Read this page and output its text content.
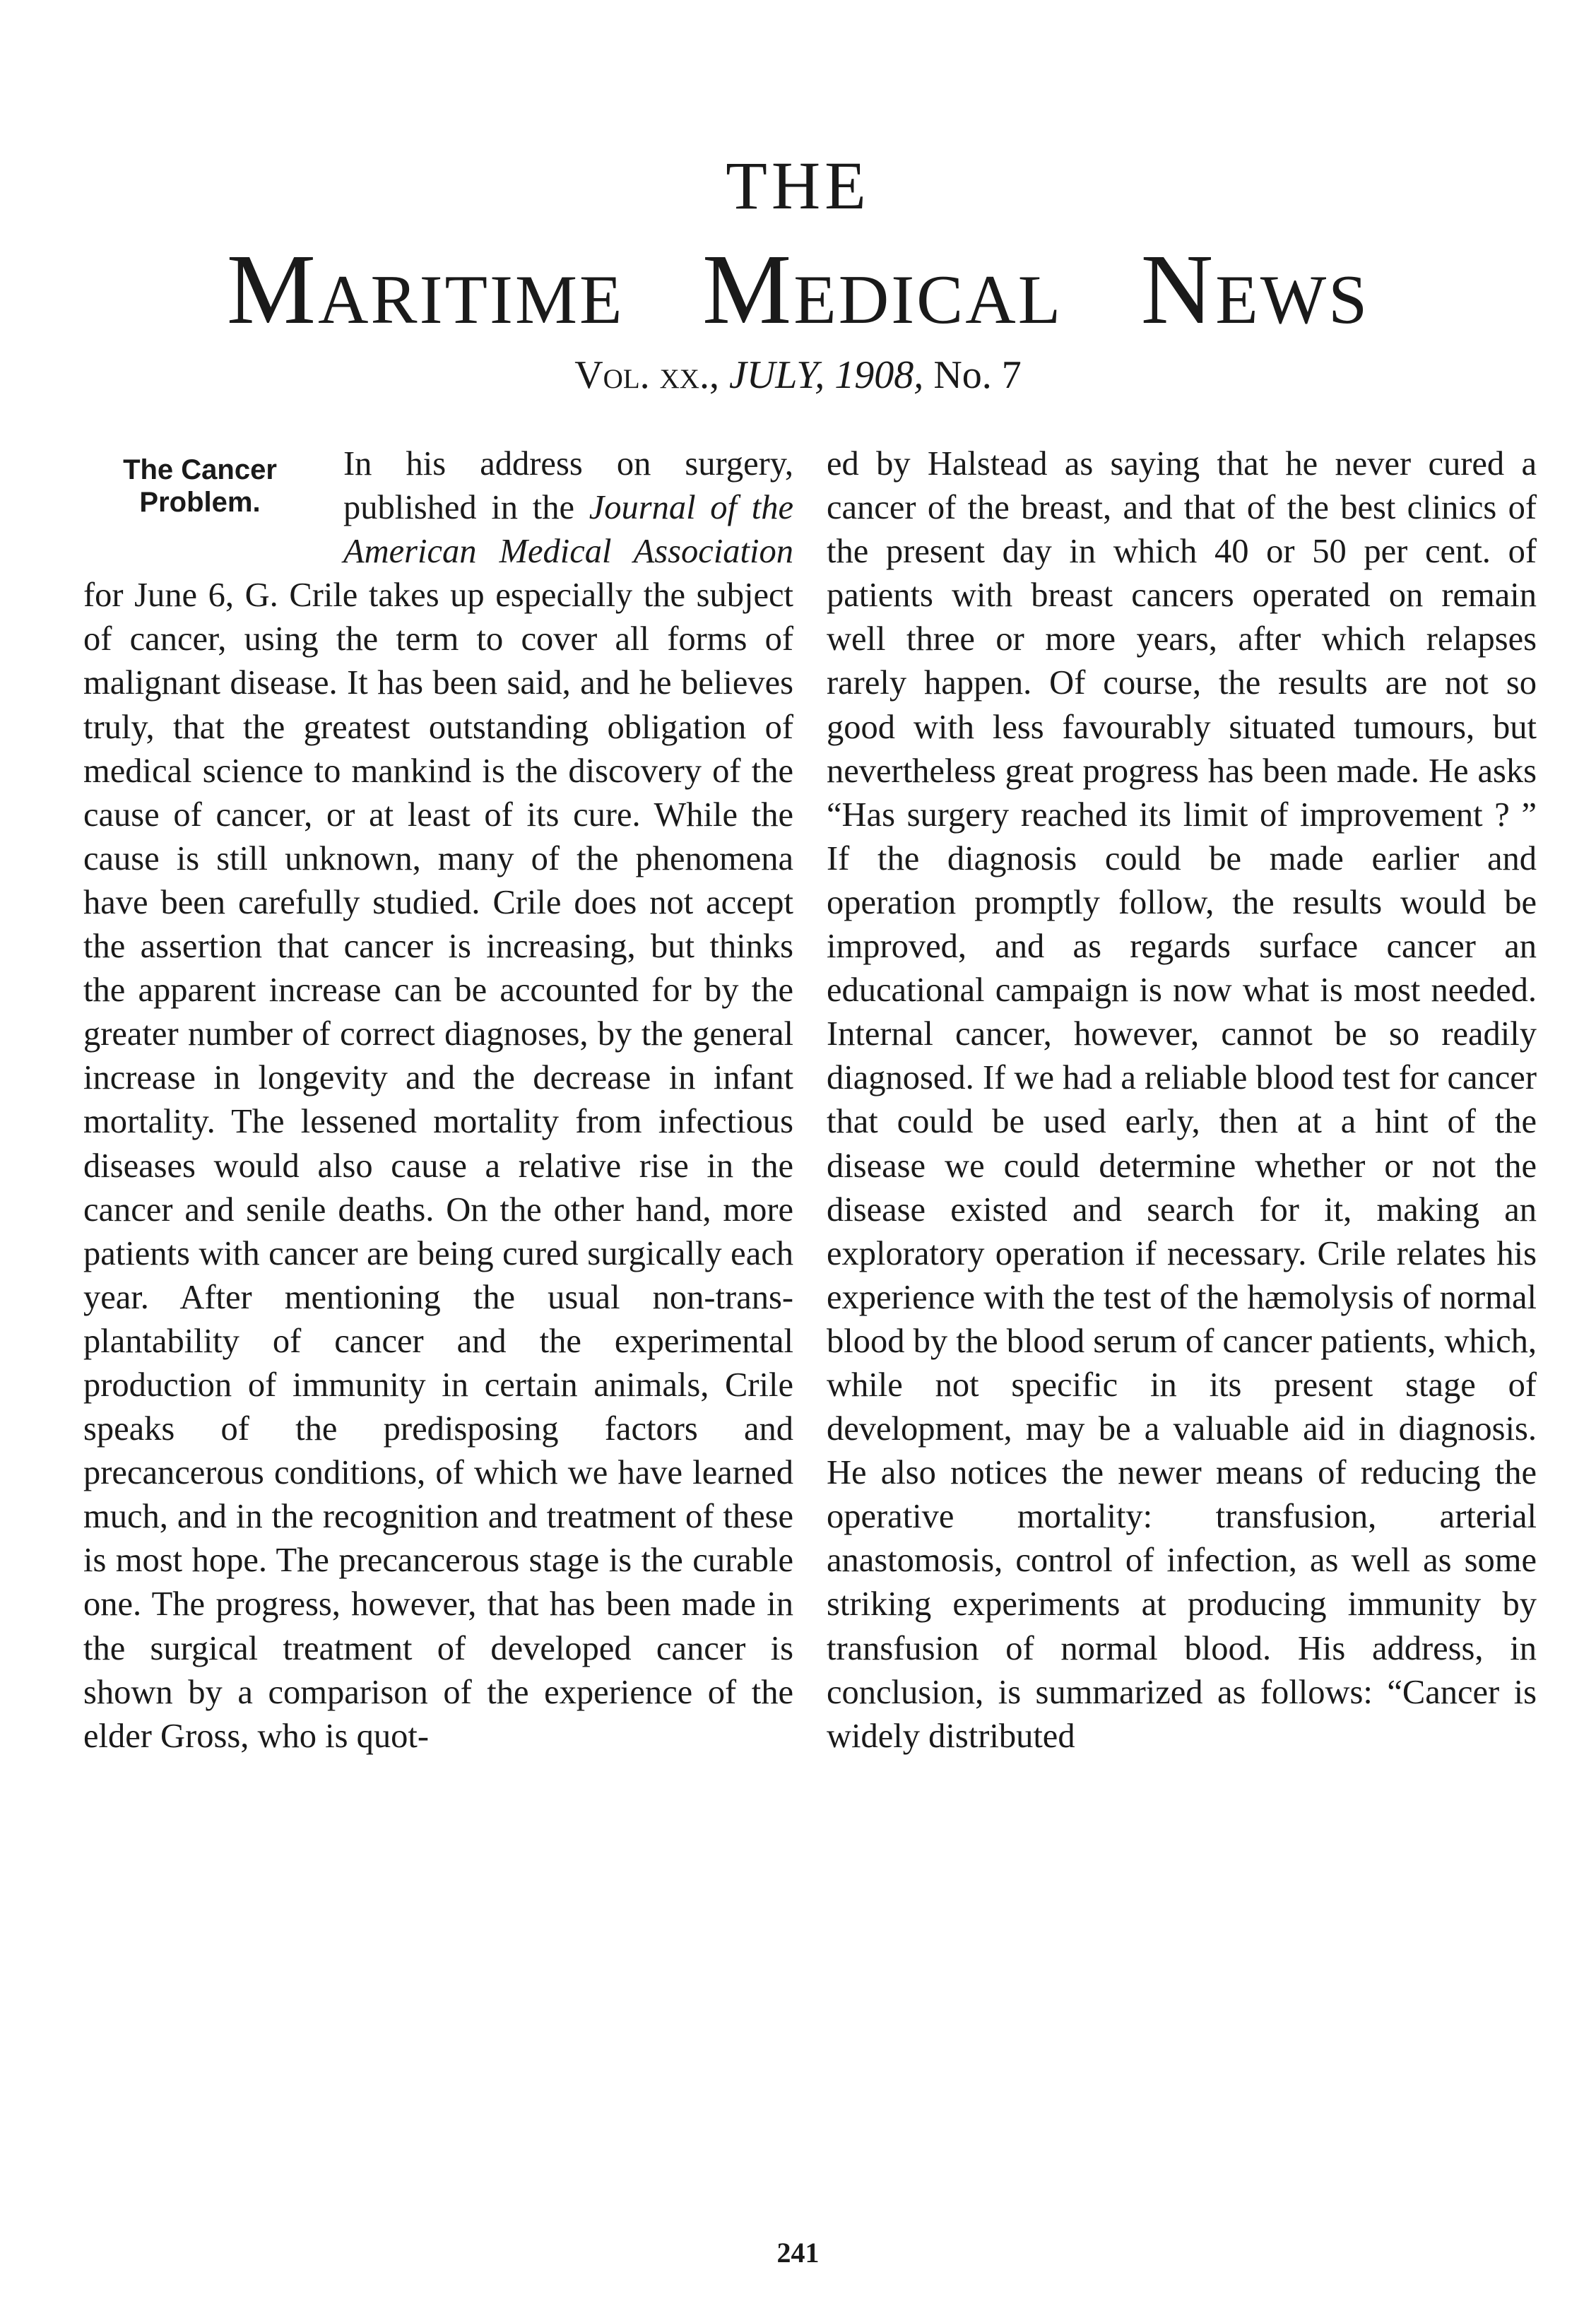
THE
Maritime Medical News
Vol. xx., JULY, 1908, No. 7
The Cancer
Problem.

In his address on surgery, published in the Journal of the American Medical Association for June 6, G. Crile takes up especially the subject of cancer, using the term to cover all forms of malignant disease. It has been said, and he believes truly, that the greatest outstanding obligation of medical science to mankind is the discovery of the cause of cancer, or at least of its cure. While the cause is still unknown, many of the phenomena have been carefully studied. Crile does not accept the assertion that cancer is increasing, but thinks the apparent increase can be accounted for by the greater number of correct diagnoses, by the general increase in longevity and the decrease in infant mortality. The lessened mortality from infectious diseases would also cause a relative rise in the cancer and senile deaths. On the other hand, more patients with cancer are being cured surgically each year. After mentioning the usual non-trans-plantability of cancer and the experimental production of immunity in certain animals, Crile speaks of the predisposing factors and precancerous conditions, of which we have learned much, and in the recognition and treatment of these is most hope. The precancerous stage is the curable one. The progress, however, that has been made in the surgical treatment of developed cancer is shown by a comparison of the experience of the elder Gross, who is quot-

ed by Halstead as saying that he never cured a cancer of the breast, and that of the best clinics of the present day in which 40 or 50 per cent. of patients with breast cancers operated on remain well three or more years, after which relapses rarely happen. Of course, the results are not so good with less favourably situated tumours, but nevertheless great progress has been made. He asks “Has surgery reached its limit of improvement ? ” If the diagnosis could be made earlier and operation promptly follow, the results would be improved, and as regards surface cancer an educational campaign is now what is most needed. Internal cancer, however, cannot be so readily diagnosed. If we had a reliable blood test for cancer that could be used early, then at a hint of the disease we could determine whether or not the disease existed and search for it, making an exploratory operation if necessary. Crile relates his experience with the test of the hæmolysis of normal blood by the blood serum of cancer patients, which, while not specific in its present stage of development, may be a valuable aid in diagnosis. He also notices the newer means of reducing the operative mortality: transfusion, arterial anastomosis, control of infection, as well as some striking experiments at producing immunity by transfusion of normal blood. His address, in conclusion, is summarized as follows: “Cancer is widely distributed

241
